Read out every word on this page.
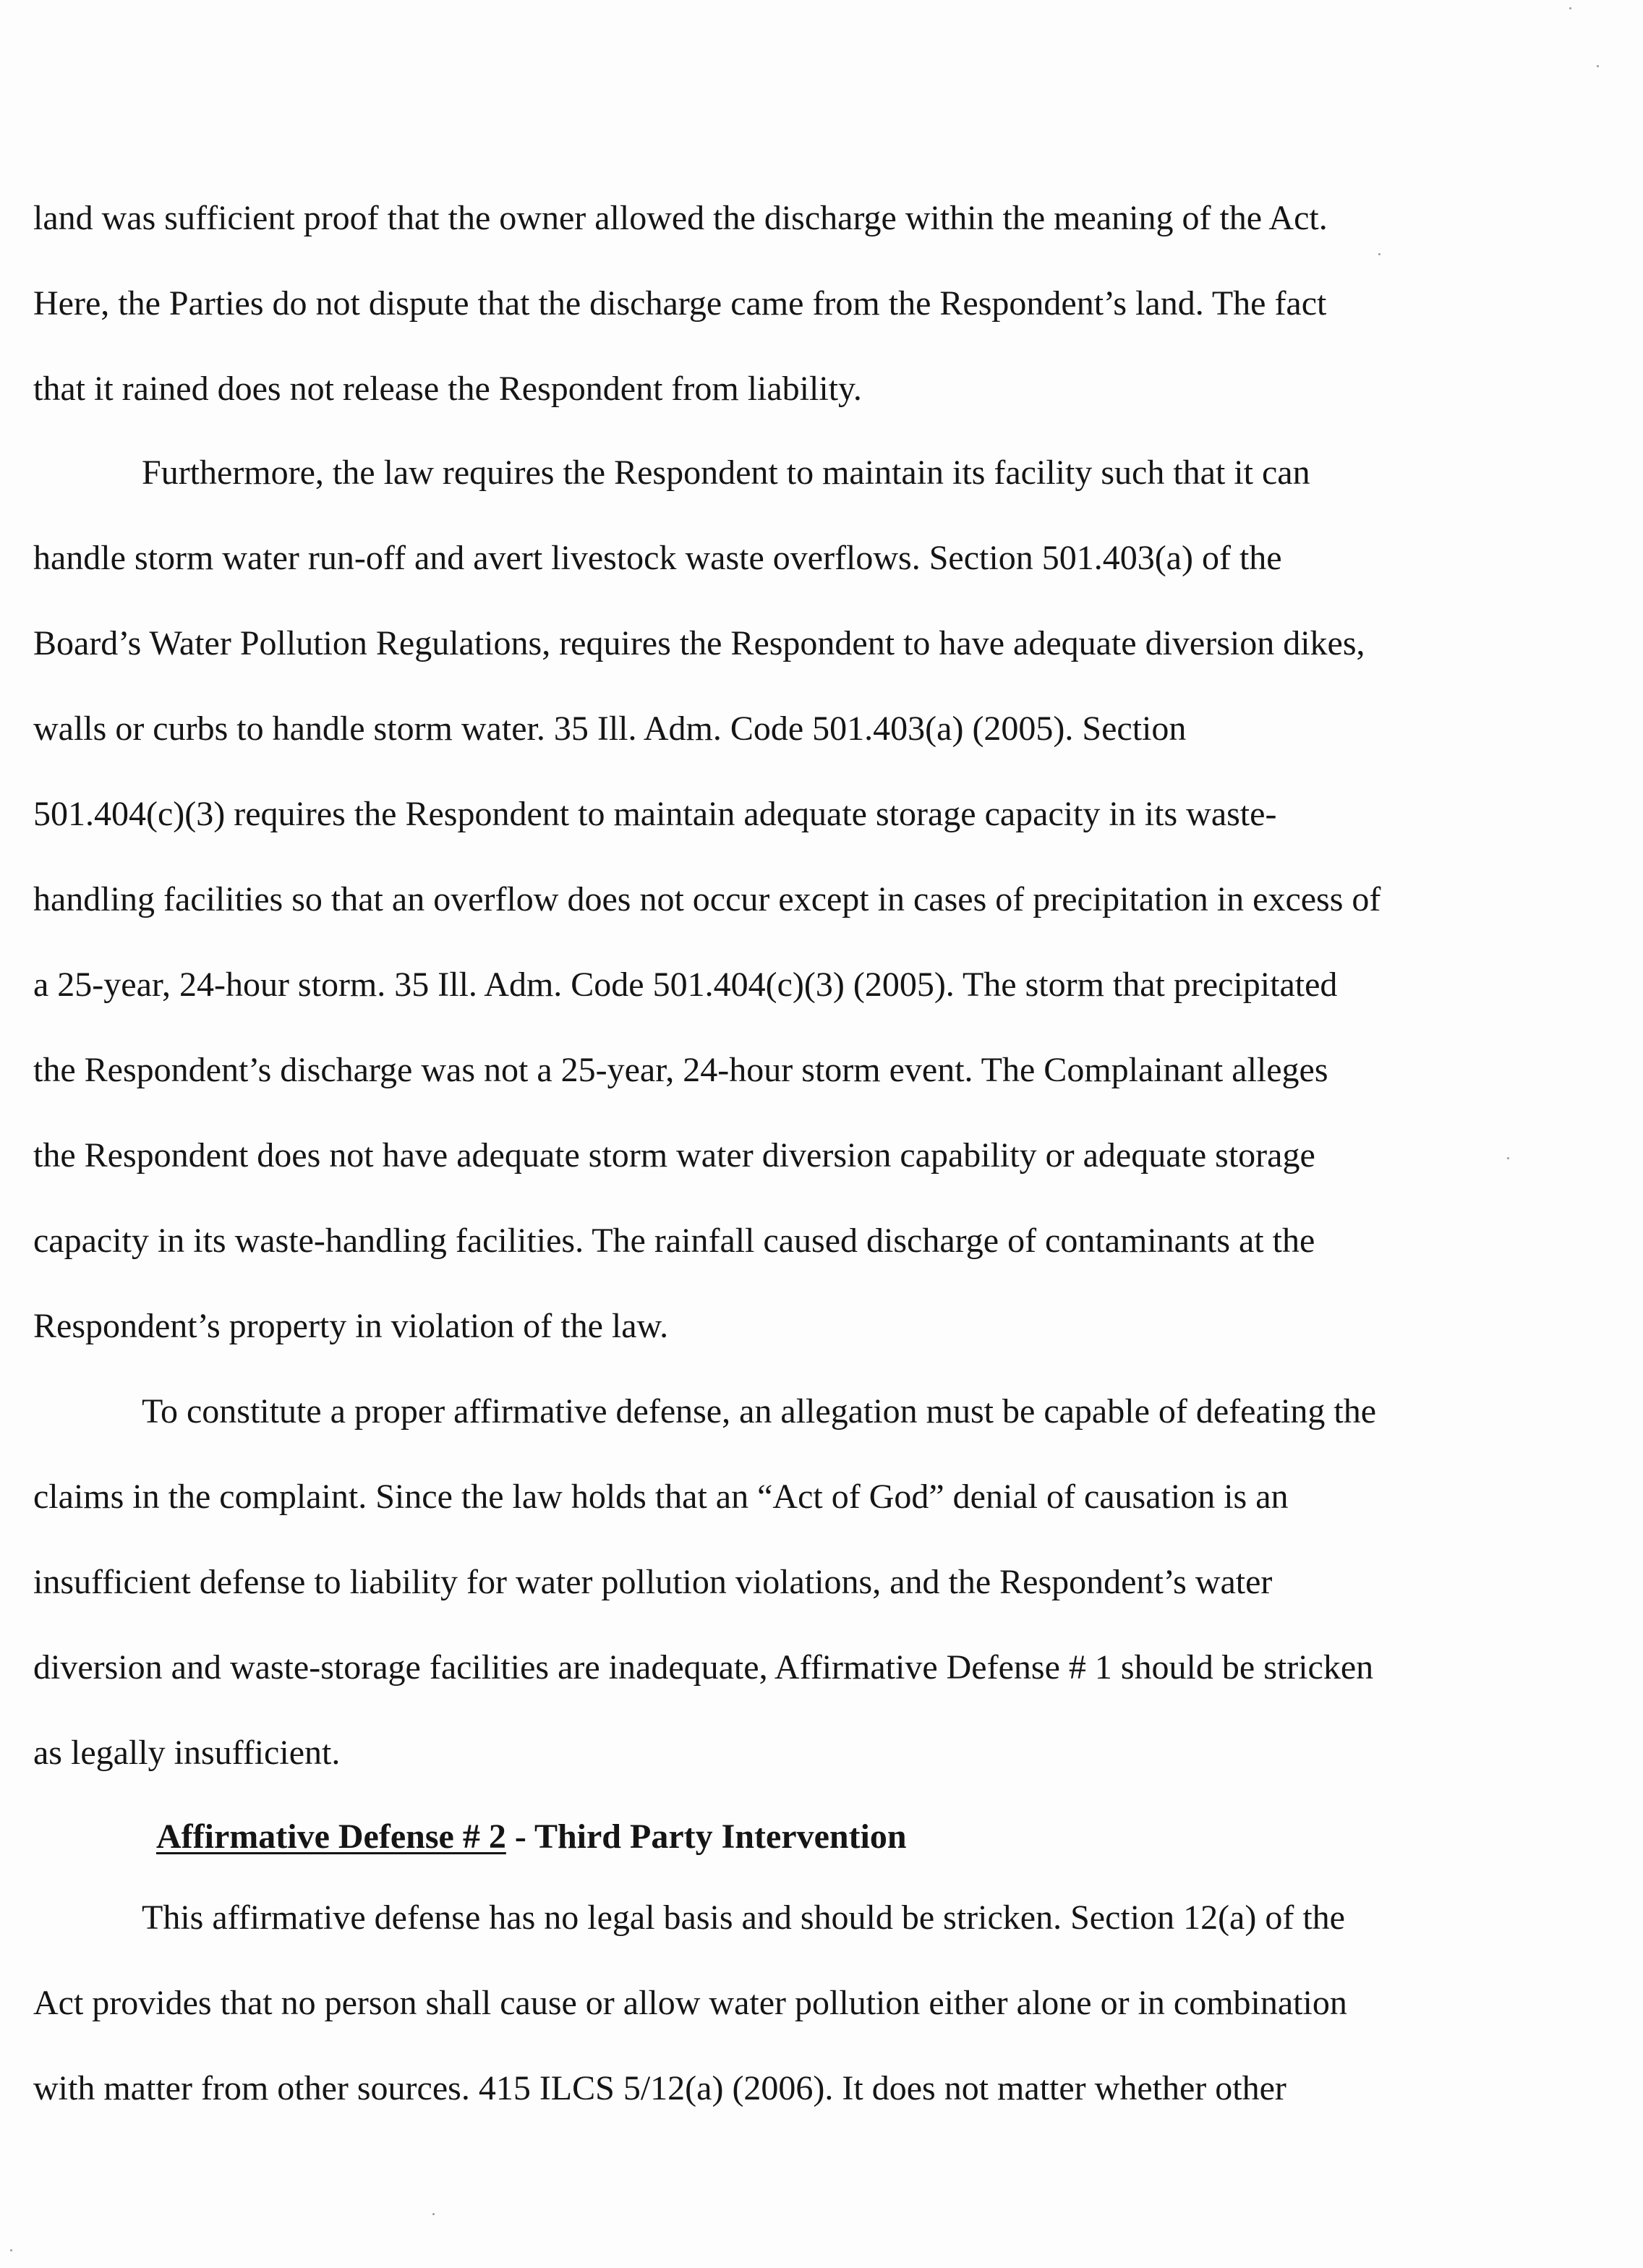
land was sufficient proof that the owner allowed the discharge within the meaning of the Act.
Here, the Parties do not dispute that the discharge came from the Respondent’s land. The fact
that it rained does not release the Respondent from liability.
Furthermore, the law requires the Respondent to maintain its facility such that it can
handle storm water run-off and avert livestock waste overflows. Section 501.403(a) of the
Board’s Water Pollution Regulations, requires the Respondent to have adequate diversion dikes,
walls or curbs to handle storm water. 35 Ill. Adm. Code 501.403(a) (2005). Section
501.404(c)(3) requires the Respondent to maintain adequate storage capacity in its waste-
handling facilities so that an overflow does not occur except in cases of precipitation in excess of
a 25-year, 24-hour storm. 35 Ill. Adm. Code 501.404(c)(3) (2005). The storm that precipitated
the Respondent’s discharge was not a 25-year, 24-hour storm event. The Complainant alleges
the Respondent does not have adequate storm water diversion capability or adequate storage
capacity in its waste-handling facilities. The rainfall caused discharge of contaminants at the
Respondent’s property in violation of the law.
To constitute a proper affirmative defense, an allegation must be capable of defeating the
claims in the complaint. Since the law holds that an “Act of God” denial of causation is an
insufficient defense to liability for water pollution violations, and the Respondent’s water
diversion and waste-storage facilities are inadequate, Affirmative Defense # 1 should be stricken
as legally insufficient.
Affirmative Defense # 2 - Third Party Intervention
This affirmative defense has no legal basis and should be stricken. Section 12(a) of the
Act provides that no person shall cause or allow water pollution either alone or in combination
with matter from other sources. 415 ILCS 5/12(a) (2006). It does not matter whether other
